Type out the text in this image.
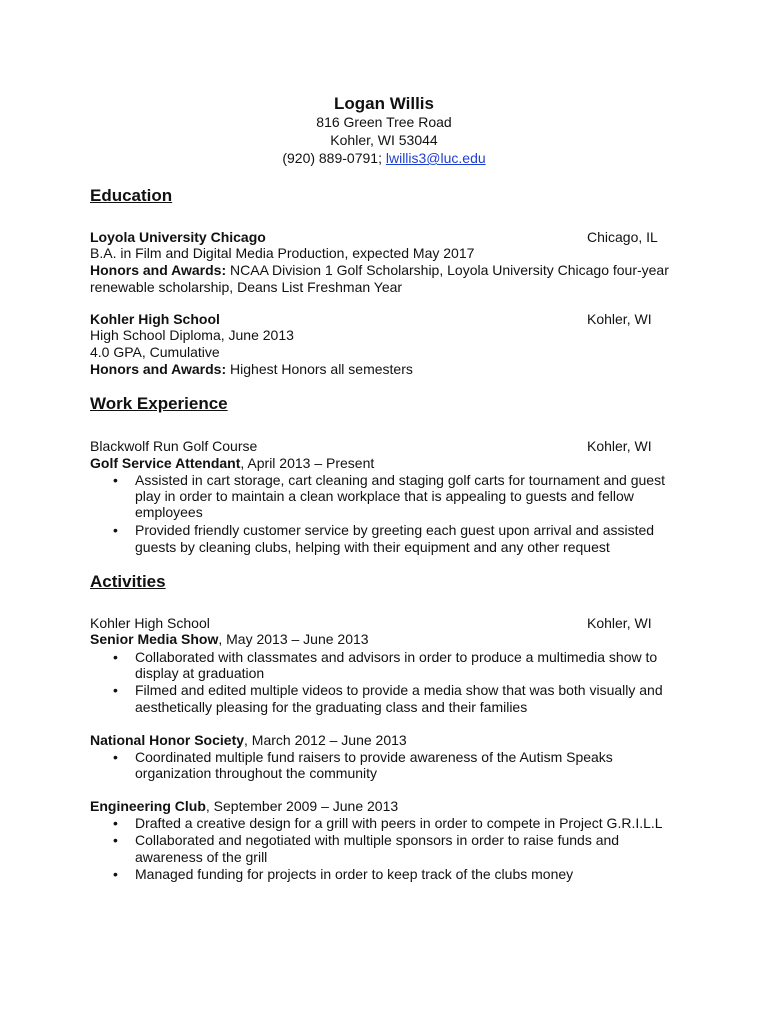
Logan Willis
816 Green Tree Road
Kohler, WI 53044
(920) 889-0791; lwillis3@luc.edu
Education
Loyola University Chicago	Chicago, IL
B.A. in Film and Digital Media Production, expected May 2017
Honors and Awards: NCAA Division 1 Golf Scholarship, Loyola University Chicago four-year
renewable scholarship, Deans List Freshman Year
Kohler High School	Kohler, WI
High School Diploma, June 2013
4.0 GPA, Cumulative
Honors and Awards: Highest Honors all semesters
Work Experience
Blackwolf Run Golf Course	Kohler, WI
Golf Service Attendant, April 2013 – Present
• Assisted in cart storage, cart cleaning and staging golf carts for tournament and guest
play in order to maintain a clean workplace that is appealing to guests and fellow
employees
• Provided friendly customer service by greeting each guest upon arrival and assisted
guests by cleaning clubs, helping with their equipment and any other request
Activities
Kohler High School	Kohler, WI
Senior Media Show, May 2013 – June 2013
• Collaborated with classmates and advisors in order to produce a multimedia show to
display at graduation
• Filmed and edited multiple videos to provide a media show that was both visually and
aesthetically pleasing for the graduating class and their families
National Honor Society, March 2012 – June 2013
• Coordinated multiple fund raisers to provide awareness of the Autism Speaks
organization throughout the community
Engineering Club, September 2009 – June 2013
• Drafted a creative design for a grill with peers in order to compete in Project G.R.I.L.L
• Collaborated and negotiated with multiple sponsors in order to raise funds and
awareness of the grill
• Managed funding for projects in order to keep track of the clubs money
